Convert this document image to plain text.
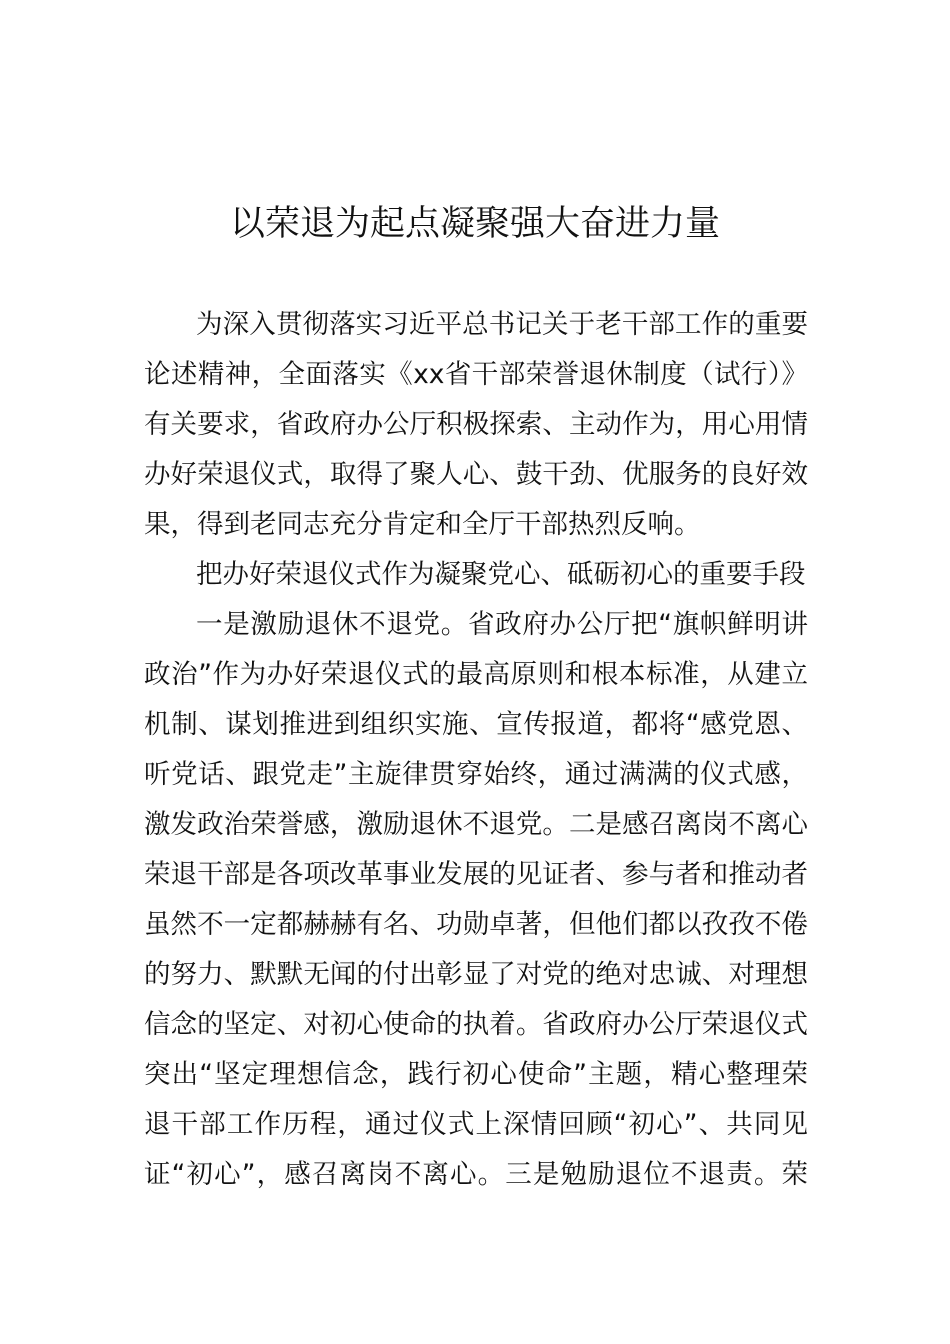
以荣退为起点凝聚强大奋进力量
为深入贯彻落实习近平总书记关于老干部工作的重要
论述精神，全面落实《xx省干部荣誉退休制度（试行）》
有关要求，省政府办公厅积极探索、主动作为，用心用情
办好荣退仪式，取得了聚人心、鼓干劲、优服务的良好效
果，得到老同志充分肯定和全厅干部热烈反响。
把办好荣退仪式作为凝聚党心、砥砺初心的重要手段
一是激励退休不退党。省政府办公厅把“旗帜鲜明讲
政治”作为办好荣退仪式的最高原则和根本标准，从建立
机制、谋划推进到组织实施、宣传报道，都将“感党恩、
听党话、跟党走”主旋律贯穿始终，通过满满的仪式感，
激发政治荣誉感，激励退休不退党。二是感召离岗不离心
荣退干部是各项改革事业发展的见证者、参与者和推动者
虽然不一定都赫赫有名、功勋卓著，但他们都以孜孜不倦
的努力、默默无闻的付出彰显了对党的绝对忠诚、对理想
信念的坚定、对初心使命的执着。省政府办公厅荣退仪式
突出“坚定理想信念，践行初心使命”主题，精心整理荣
退干部工作历程，通过仪式上深情回顾“初心”、共同见
证“初心”，感召离岗不离心。三是勉励退位不退责。荣
